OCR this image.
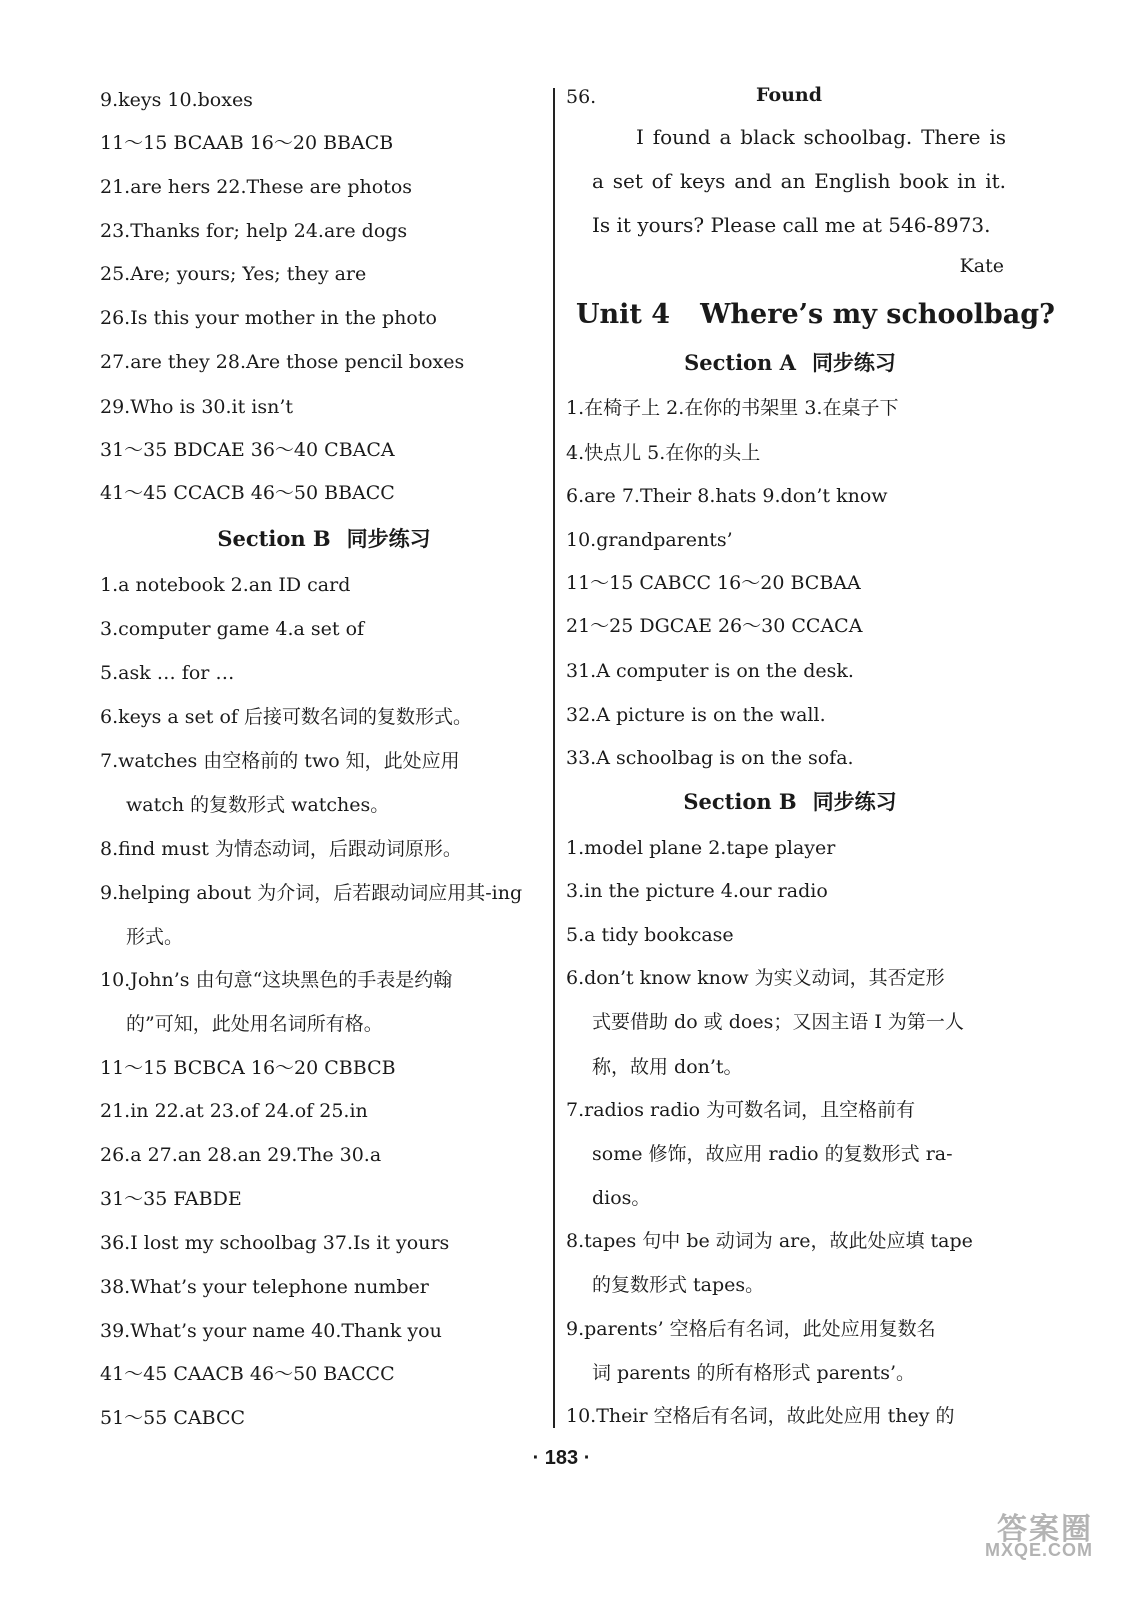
9.keys 10.boxes
11～15 BCAAB 16～20 BBACB
21.are hers 22.These are photos
23.Thanks for; help 24.are dogs
25.Are; yours; Yes; they are
26.Is this your mother in the photo
27.are they 28.Are those pencil boxes
29.Who is 30.it isn’t
31～35 BDCAE 36～40 CBACA
41～45 CCACB 46～50 BBACC
Section B 同步练习
1.a notebook 2.an ID card
3.computer game 4.a set of
5.ask … for …
6.keys a set of 后接可数名词的复数形式。
7.watches 由空格前的 two 知，此处应用
watch 的复数形式 watches。
8.find must 为情态动词，后跟动词原形。
9.helping about 为介词，后若跟动词应用其-ing
形式。
10.John’s 由句意“这块黑色的手表是约翰
的”可知，此处用名词所有格。
11～15 BCBCA 16～20 CBBCB
21.in 22.at 23.of 24.of 25.in
26.a 27.an 28.an 29.The 30.a
31～35 FABDE
36.I lost my schoolbag 37.Is it yours
38.What’s your telephone number
39.What’s your name 40.Thank you
41～45 CAACB 46～50 BACCC
51～55 CABCC
56.	Found
I found a black schoolbag. There is a set of keys and an English book in it. Is it yours? Please call me at 546-8973.
Kate
Unit 4 Where’s my schoolbag?
Section A 同步练习
1.在椅子上 2.在你的书架里 3.在桌子下
4.快点儿 5.在你的头上
6.are 7.Their 8.hats 9.don’t know
10.grandparents’
11～15 CABCC 16～20 BCBAA
21～25 DGCAE 26～30 CCACA
31.A computer is on the desk.
32.A picture is on the wall.
33.A schoolbag is on the sofa.
Section B 同步练习
1.model plane 2.tape player
3.in the picture 4.our radio
5.a tidy bookcase
6.don’t know know 为实义动词，其否定形
式要借助 do 或 does；又因主语 I 为第一人
称，故用 don’t。
7.radios radio 为可数名词，且空格前有
some 修饰，故应用 radio 的复数形式 ra-
dios。
8.tapes 句中 be 动词为 are，故此处应填 tape
的复数形式 tapes。
9.parents’ 空格后有名词，此处应用复数名
词 parents 的所有格形式 parents’。
10.Their 空格后有名词，故此处应用 they 的
· 183 ·
答案圈
MXQE.COM
